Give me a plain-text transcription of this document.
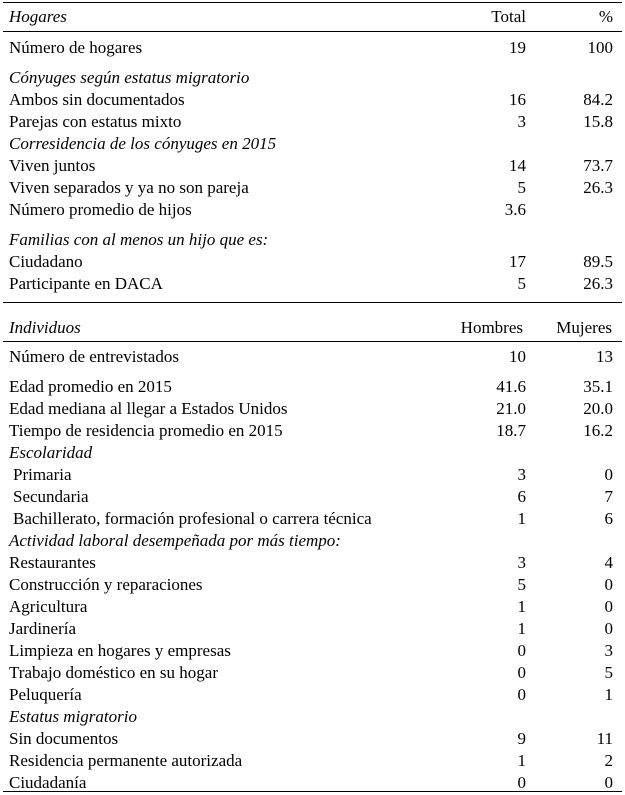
Hogares	Total	%
Número de hogares	19	100
Cónyuges según estatus migratorio
Ambos sin documentados	16	84.2
Parejas con estatus mixto	3	15.8
Corresidencia de los cónyuges en 2015
Viven juntos	14	73.7
Viven separados y ya no son pareja	5	26.3
Número promedio de hijos	3.6
Familias con al menos un hijo que es:
Ciudadano	17	89.5
Participante en DACA	5	26.3
Individuos	Hombres Mujeres
Número de entrevistados	10	13
Edad promedio en 2015	41.6	35.1
Edad mediana al llegar a Estados Unidos	21.0	20.0
Tiempo de residencia promedio en 2015	18.7	16.2
Escolaridad
Primaria	3	0
Secundaria	6	7
Bachillerato, formación profesional o carrera técnica	1	6
Actividad laboral desempeñada por más tiempo:
Restaurantes	3	4
Construcción y reparaciones	5	0
Agricultura	1	0
Jardinería	1	0
Limpieza en hogares y empresas	0	3
Trabajo doméstico en su hogar	0	5
Peluquería	0	1
Estatus migratorio
Sin documentos	9	11
Residencia permanente autorizada	1	2
Ciudadanía	0	0
